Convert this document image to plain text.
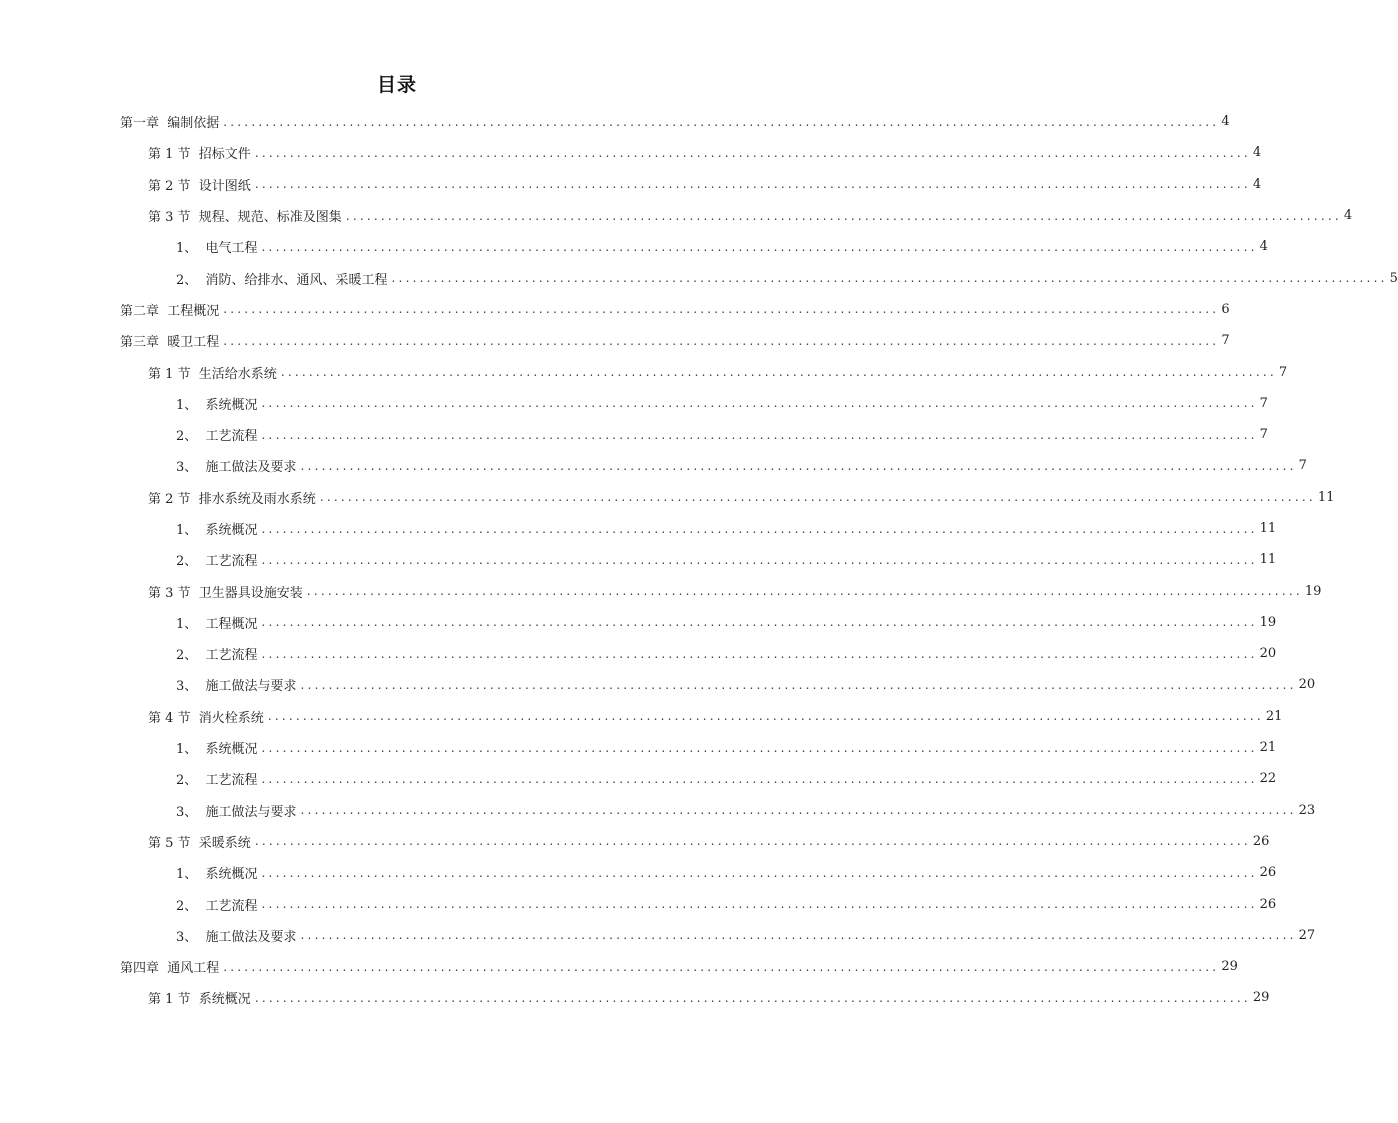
目录
第一章  编制依据 .............................................................................................................................................. 4
第 1 节  招标文件 .............................................................................................................................................. 4
第 2 节  设计图纸 .............................................................................................................................................. 4
第 3 节  规程、规范、标准及图集 .............................................................................................................................................. 4
1、  电气工程 .............................................................................................................................................. 4
2、  消防、给排水、通风、采暖工程 .............................................................................................................................................. 5
第二章  工程概况 .............................................................................................................................................. 6
第三章  暖卫工程 .............................................................................................................................................. 7
第 1 节  生活给水系统 .............................................................................................................................................. 7
1、  系统概况 .............................................................................................................................................. 7
2、  工艺流程 .............................................................................................................................................. 7
3、  施工做法及要求 .............................................................................................................................................. 7
第 2 节  排水系统及雨水系统 .............................................................................................................................................. 11
1、  系统概况 .............................................................................................................................................. 11
2、  工艺流程 .............................................................................................................................................. 11
第 3 节  卫生器具设施安装 .............................................................................................................................................. 19
1、  工程概况 .............................................................................................................................................. 19
2、  工艺流程 .............................................................................................................................................. 20
3、  施工做法与要求 .............................................................................................................................................. 20
第 4 节  消火栓系统 .............................................................................................................................................. 21
1、  系统概况 .............................................................................................................................................. 21
2、  工艺流程 .............................................................................................................................................. 22
3、  施工做法与要求 .............................................................................................................................................. 23
第 5 节  采暖系统 .............................................................................................................................................. 26
1、  系统概况 .............................................................................................................................................. 26
2、  工艺流程 .............................................................................................................................................. 26
3、  施工做法及要求 .............................................................................................................................................. 27
第四章  通风工程 .............................................................................................................................................. 29
第 1 节  系统概况 .............................................................................................................................................. 29
